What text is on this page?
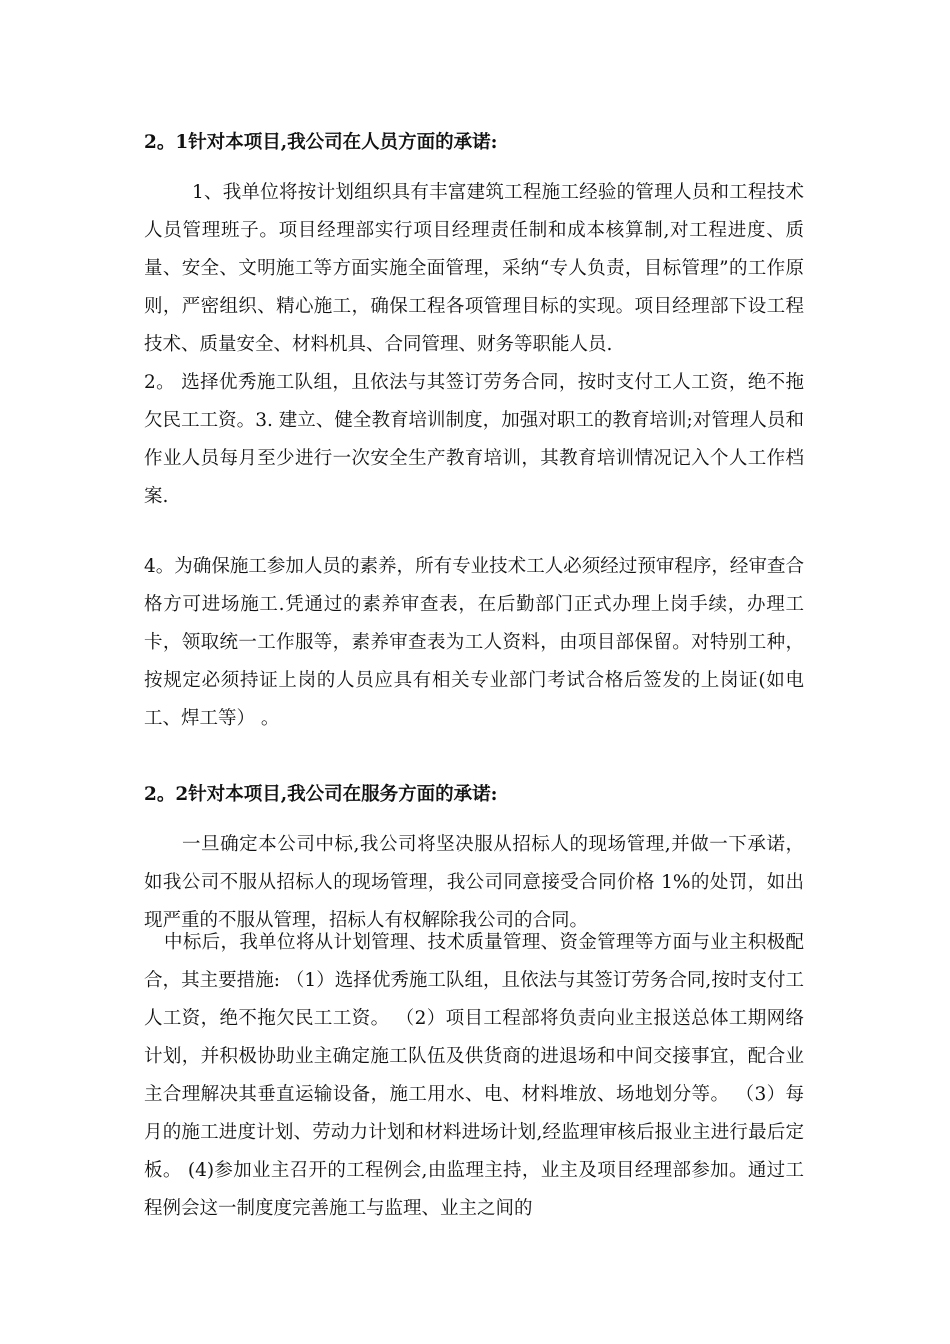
2。1针对本项目,我公司在人员方面的承诺:

1、我单位将按计划组织具有丰富建筑工程施工经验的管理人员和工程技术人员管理班子。项目经理部实行项目经理责任制和成本核算制,对工程进度、质量、安全、文明施工等方面实施全面管理，采纳“专人负责，目标管理”的工作原则，严密组织、精心施工，确保工程各项管理目标的实现。项目经理部下设工程技术、质量安全、材料机具、合同管理、财务等职能人员.

2。 选择优秀施工队组，且依法与其签订劳务合同，按时支付工人工资，绝不拖欠民工工资。3. 建立、健全教育培训制度，加强对职工的教育培训;对管理人员和作业人员每月至少进行一次安全生产教育培训，其教育培训情况记入个人工作档案.

4。为确保施工参加人员的素养，所有专业技术工人必须经过预审程序，经审查合格方可进场施工.凭通过的素养审查表，在后勤部门正式办理上岗手续，办理工卡，领取统一工作服等，素养审查表为工人资料，由项目部保留。对特别工种，按规定必须持证上岗的人员应具有相关专业部门考试合格后签发的上岗证(如电工、焊工等） 。

2。2针对本项目,我公司在服务方面的承诺:

一旦确定本公司中标,我公司将坚决服从招标人的现场管理,并做一下承诺，如我公司不服从招标人的现场管理，我公司同意接受合同价格 1%的处罚，如出现严重的不服从管理，招标人有权解除我公司的合同。

中标后，我单位将从计划管理、技术质量管理、资金管理等方面与业主积极配合，其主要措施: （1）选择优秀施工队组，且依法与其签订劳务合同,按时支付工人工资，绝不拖欠民工工资。 （2）项目工程部将负责向业主报送总体工期网络计划，并积极协助业主确定施工队伍及供货商的进退场和中间交接事宜，配合业主合理解决其垂直运输设备，施工用水、电、材料堆放、场地划分等。 （3）每月的施工进度计划、劳动力计划和材料进场计划,经监理审核后报业主进行最后定板。 (4)参加业主召开的工程例会,由监理主持，业主及项目经理部参加。通过工程例会这一制度度完善施工与监理、业主之间的
